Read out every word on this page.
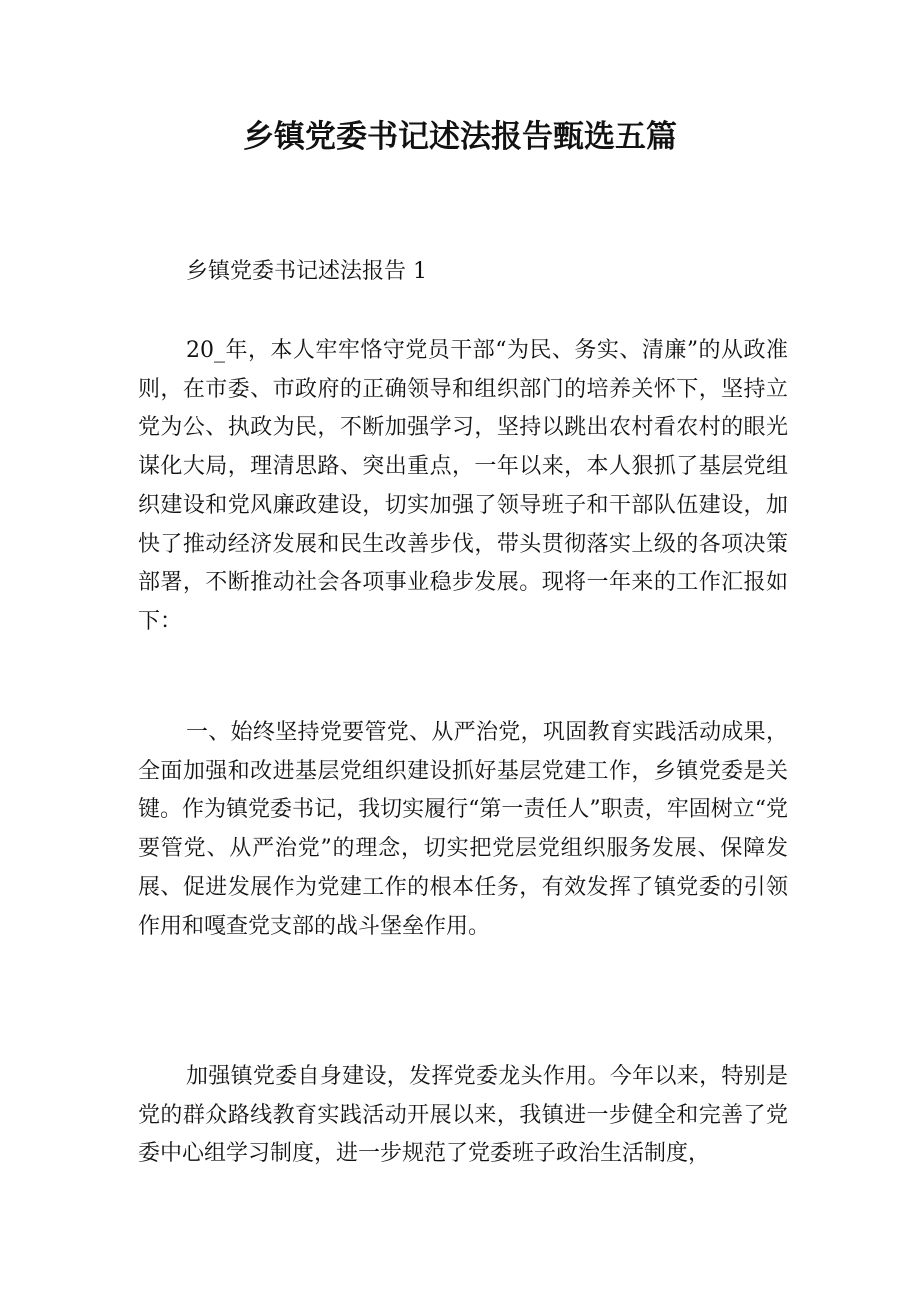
乡镇党委书记述法报告甄选五篇
乡镇党委书记述法报告 1

20_年，本人牢牢恪守党员干部“为民、务实、清廉”的从政准则，在市委、市政府的正确领导和组织部门的培养关怀下，坚持立党为公、执政为民，不断加强学习，坚持以跳出农村看农村的眼光谋化大局，理清思路、突出重点，一年以来，本人狠抓了基层党组织建设和党风廉政建设，切实加强了领导班子和干部队伍建设，加快了推动经济发展和民生改善步伐，带头贯彻落实上级的各项决策部署，不断推动社会各项事业稳步发展。现将一年来的工作汇报如下：

一、始终坚持党要管党、从严治党，巩固教育实践活动成果，全面加强和改进基层党组织建设抓好基层党建工作，乡镇党委是关键。作为镇党委书记，我切实履行“第一责任人”职责，牢固树立“党要管党、从严治党”的理念，切实把党层党组织服务发展、保障发展、促进发展作为党建工作的根本任务，有效发挥了镇党委的引领作用和嘎查党支部的战斗堡垒作用。

加强镇党委自身建设，发挥党委龙头作用。今年以来，特别是党的群众路线教育实践活动开展以来，我镇进一步健全和完善了党委中心组学习制度，进一步规范了党委班子政治生活制度，
